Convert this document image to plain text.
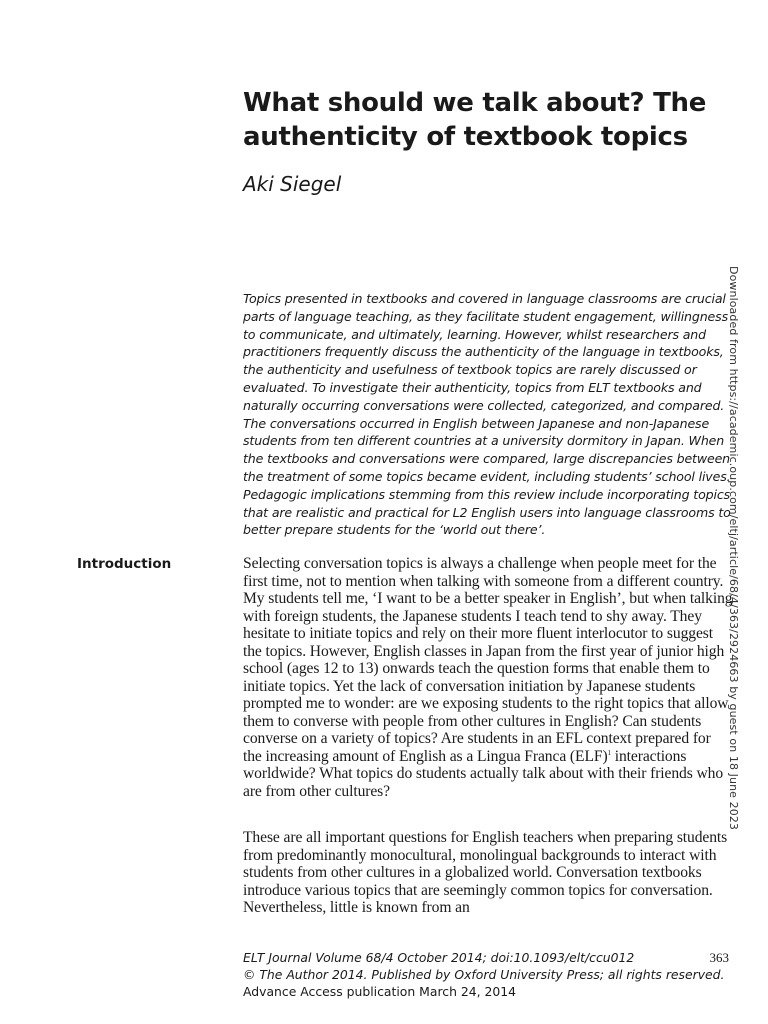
What should we talk about? The authenticity of textbook topics

Aki Siegel

Topics presented in textbooks and covered in language classrooms are crucial parts of language teaching, as they facilitate student engagement, willingness to communicate, and ultimately, learning. However, whilst researchers and practitioners frequently discuss the authenticity of the language in textbooks, the authenticity and usefulness of textbook topics are rarely discussed or evaluated. To investigate their authenticity, topics from ELT textbooks and naturally occurring conversations were collected, categorized, and compared. The conversations occurred in English between Japanese and non-Japanese students from ten different countries at a university dormitory in Japan. When the textbooks and conversations were compared, large discrepancies between the treatment of some topics became evident, including students’ school lives. Pedagogic implications stemming from this review include incorporating topics that are realistic and practical for L2 English users into language classrooms to better prepare students for the ‘world out there’.

Introduction	Selecting conversation topics is always a challenge when people meet for the first time, not to mention when talking with someone from a different country. My students tell me, ‘I want to be a better speaker in English’, but when talking with foreign students, the Japanese students I teach tend to shy away. They hesitate to initiate topics and rely on their more fluent interlocutor to suggest the topics. However, English classes in Japan from the first year of junior high school (ages 12 to 13) onwards teach the question forms that enable them to initiate topics. Yet the lack of conversation initiation by Japanese students prompted me to wonder: are we exposing students to the right topics that allow them to converse with people from other cultures in English? Can students converse on a variety of topics? Are students in an EFL context prepared for the increasing amount of English as a Lingua Franca (ELF)$^1$ interactions worldwide? What topics do students actually talk about with their friends who are from other cultures?

These are all important questions for English teachers when preparing students from predominantly monocultural, monolingual backgrounds to interact with students from other cultures in a globalized world. Conversation textbooks introduce various topics that are seemingly common topics for conversation. Nevertheless, little is known from an

ELT Journal Volume 68/4 October 2014; doi:10.1093/elt/ccu012
© The Author 2014. Published by Oxford University Press; all rights reserved.
Advance Access publication March 24, 2014
363
Downloaded from https://academic.oup.com/eltj/article/68/4/363/2924663 by guest on 18 June 2023
